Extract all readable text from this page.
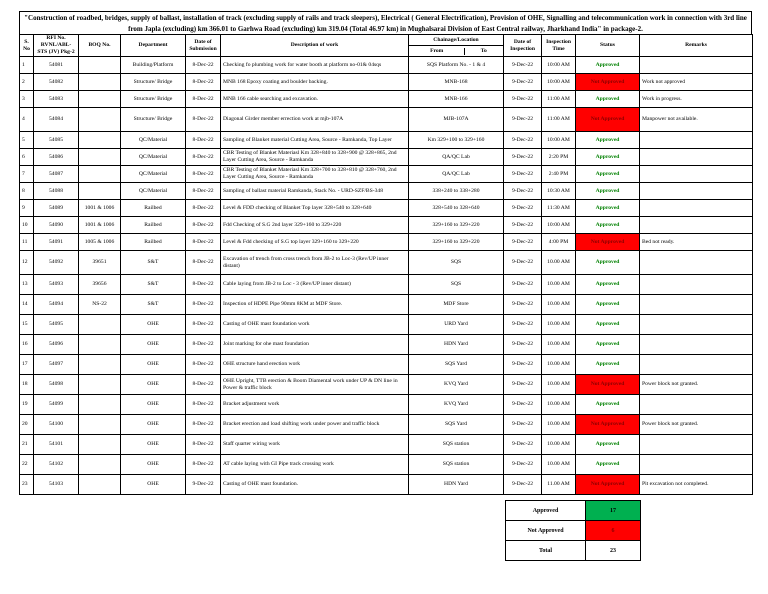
"Construction of roadbed, bridges, supply of ballast, installation of track (excluding supply of rails and track sleepers), Electrical ( General Electrification), Provision of OHE, Signalling and telecommunication work in connection with 3rd line from Japla (excluding) km 366.01 to Garhwa Road (excluding) km 319.04 (Total 46.97 km) in Mughalsarai Division of East Central railway, Jharkhand India" in package-2.
S. No	RFI No. RVNL/ABL-STS (JV) Pkg-2	BOQ No.	Department	Date of Submission	Description of work	Chainage/Location	Date of Inspection	Inspection Time	Status	Remarks
						From To				
1	54081		Building/Platform	8-Dec-22	Checking fo plumbing work for water booth at platform no-01& 04sqs	SQS Platform No. - 1 & 4	9-Dec-22	10:00 AM	Approved	
2	54082		Structure/ Bridge	8-Dec-22	MNB 168 Epoxy coating and boulder backing.	MNB-168	9-Dec-22	10:00 AM	Not Approved	Work not approved
3	54083		Structure/ Bridge	8-Dec-22	MNB 166 cable searching and excavation.	MNB-166	9-Dec-22	11:00 AM	Approved	Work in progress.
4	54084		Structure/ Bridge	8-Dec-22	Diagonal Girder member errection work at mjb-107A	MJB-107A	9-Dec-22	11:00 AM	Not Approved	Manpower not available.
5	54085		QC/Material	8-Dec-22	Sampling of Blanket material Cutting Area, Source - Ramkanda, Top Layer	Km 329+100 to 329+160	9-Dec-22	10:00 AM	Approved	
6	54086		QC/Material	8-Dec-22	CBR Testing of Blanket Materiasl Km 328+840 to 328+900 @ 328+865, 2nd Layer Cutting Area, Source - Ramkanda	QA/QC Lab	9-Dec-22	2:20 PM	Approved	
7	54087		QC/Material	8-Dec-22	CBR Testing of Blanket Materiasl Km 328+700 to 328+810 @ 328+760, 2nd Layer Cutting Area, Source - Ramkanda	QA/QC Lab	9-Dec-22	2:40 PM	Approved	
8	54088		QC/Material	8-Dec-22	Sampling of ballast material Ramkanda, Stack No. - URD-SZF/BS-348	338+240 to 338+280	9-Dec-22	10:30 AM	Approved	
9	54089	1001 & 1006	Railbed	8-Dec-22	Level & FDD checking of Blanket Top layer 328+540 to 328+640	328+540 to 328+640	9-Dec-22	11:30 AM	Approved	
10	54090	1001 & 1006	Railbed	8-Dec-22	Fdd Checking of S.G 2nd layer 329+160 to 329+220	329+160 to 329+220	9-Dec-22	10:00 AM	Approved	
11	54091	1005 & 1006	Railbed	8-Dec-22	Level & Fdd checking of S.G top layer 329+160 to 329+220	329+160 to 329+220	9-Dec-22	4:00 PM	Not Approved	Bed not ready.
12	54092	39651	S&T	8-Dec-22	Excavation of trench from cross trench from JB-2 to Loc-3 (Rev/UP inner distant)	SQS	9-Dec-22	10.00 AM	Approved	
13	54093	39656	S&T	8-Dec-22	Cable laying from JB-2 to Loc - 3 (Rev/UP inner distant)	SQS	9-Dec-22	10.00 AM	Approved	
14	54094	NS-22	S&T	8-Dec-22	Inspection of HDPE Pipe 90mm 8KM at MDF Store.	MDF Store	9-Dec-22	10.00 AM	Approved	
15	54095		OHE	8-Dec-22	Casting of OHE mast foundation work	URD Yard	9-Dec-22	10.00 AM	Approved	
16	54096		OHE	8-Dec-22	Joint marking for ohe mast foundation	HDN Yard	9-Dec-22	10.00 AM	Approved	
17	54097		OHE	8-Dec-22	OHE structure hand erection work	SQS Yard	9-Dec-22	10.00 AM	Approved	
18	54098		OHE	8-Dec-22	OHE Upright, TTB erection & Boom Diamental work under UP & DN line in Power & traffic block	KVQ Yard	9-Dec-22	10.00 AM	Not Approved	Power block not granted.
19	54099		OHE	8-Dec-22	Bracket adjustment work	KVQ Yard	9-Dec-22	10.00 AM	Approved	
20	54100		OHE	8-Dec-22	Bracket erection and load shifting work under power and traffic block	SQS Yard	9-Dec-22	10.00 AM	Not Approved	Power block not granted.
21	54101		OHE	8-Dec-22	Staff quarter wiring work	SQS station	9-Dec-22	10.00 AM	Approved	
22	54102		OHE	8-Dec-22	AT cable laying with GI Pipe track crossing work	SQS station	9-Dec-22	10.00 AM	Approved	
23	54103		OHE	9-Dec-22	Casting of OHE mast foundation.	HDN Yard	9-Dec-22	11.00 AM	Not Approved	Pit excavation not completed.
Approved	17
Not Approved	6
Total	23
